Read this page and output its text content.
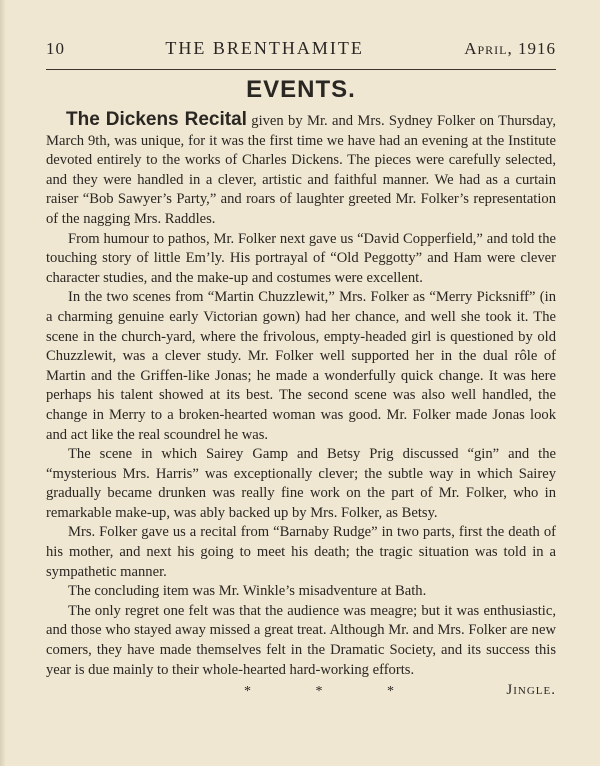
10	THE BRENTHAMITE	April, 1916
EVENTS.

The Dickens Recital given by Mr. and Mrs. Sydney Folker on Thursday, March 9th, was unique, for it was the first time we have had an evening at the Institute devoted entirely to the works of Charles Dickens. The pieces were carefully selected, and they were handled in a clever, artistic and faithful manner. We had as a curtain raiser “Bob Sawyer’s Party,” and roars of laughter greeted Mr. Folker’s representation of the nagging Mrs. Raddles.

From humour to pathos, Mr. Folker next gave us “David Copperfield,” and told the touching story of little Em’ly. His portrayal of “Old Peggotty” and Ham were clever character studies, and the make-up and costumes were excellent.

In the two scenes from “Martin Chuzzlewit,” Mrs. Folker as “Merry Picksniff” (in a charming genuine early Victorian gown) had her chance, and well she took it. The scene in the church-yard, where the frivolous, empty-headed girl is questioned by old Chuzzlewit, was a clever study. Mr. Folker well supported her in the dual rôle of Martin and the Griffen-like Jonas; he made a wonderfully quick change. It was here perhaps his talent showed at its best. The second scene was also well handled, the change in Merry to a broken-hearted woman was good. Mr. Folker made Jonas look and act like the real scoundrel he was.

The scene in which Sairey Gamp and Betsy Prig discussed “gin” and the “mysterious Mrs. Harris” was exceptionally clever; the subtle way in which Sairey gradually became drunken was really fine work on the part of Mr. Folker, who in remarkable make-up, was ably backed up by Mrs. Folker, as Betsy.

Mrs. Folker gave us a recital from “Barnaby Rudge” in two parts, first the death of his mother, and next his going to meet his death; the tragic situation was told in a sympathetic manner.

The concluding item was Mr. Winkle’s misadventure at Bath.

The only regret one felt was that the audience was meagre; but it was enthusiastic, and those who stayed away missed a great treat. Although Mr. and Mrs. Folker are new comers, they have made themselves felt in the Dramatic Society, and its success this year is due mainly to their whole-hearted hard-working efforts.

*	*	*	Jingle.
